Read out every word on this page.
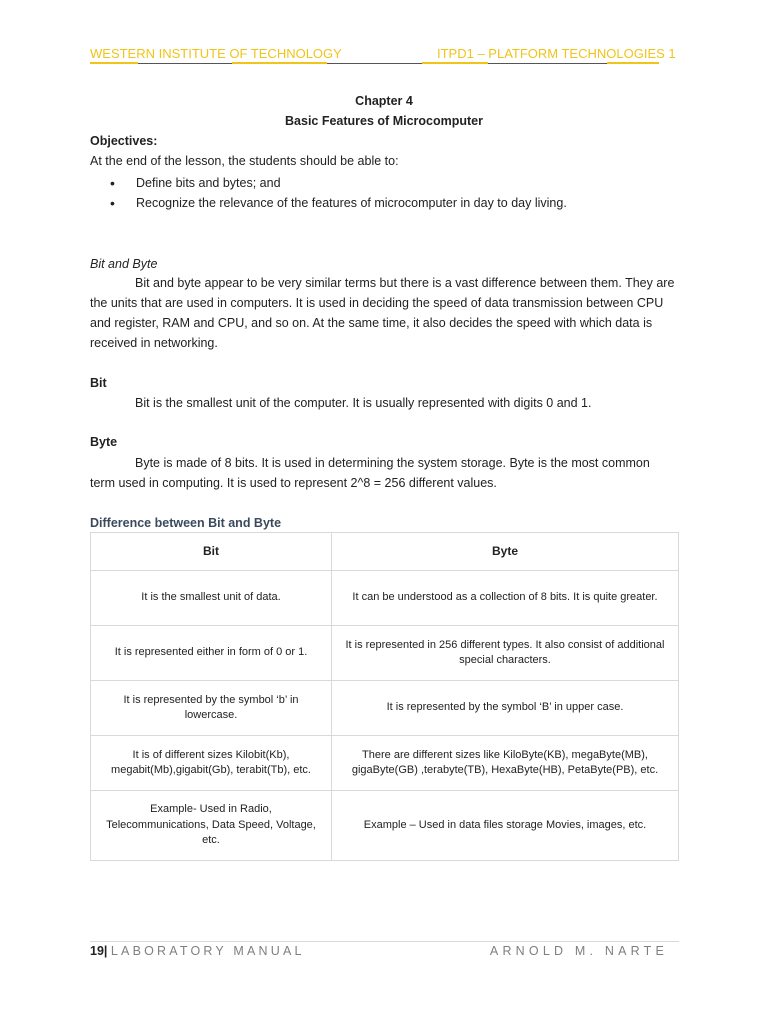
WESTERN INSTITUTE OF TECHNOLOGY	ITPD1 – PLATFORM TECHNOLOGIES 1
Chapter 4
Basic Features of Microcomputer
Objectives:
At the end of the lesson, the students should be able to:
• Define bits and bytes; and
• Recognize the relevance of the features of microcomputer in day to day living.
Bit and Byte
Bit and byte appear to be very similar terms but there is a vast difference between them. They are the units that are used in computers. It is used in deciding the speed of data transmission between CPU and register, RAM and CPU, and so on. At the same time, it also decides the speed with which data is received in networking.
Bit
Bit is the smallest unit of the computer. It is usually represented with digits 0 and 1.
Byte
Byte is made of 8 bits. It is used in determining the system storage. Byte is the most common term used in computing. It is used to represent 2^8 = 256 different values.
Difference between Bit and Byte
Bit	Byte
It is the smallest unit of data.	It can be understood as a collection of 8 bits. It is quite greater.
It is represented either in form of 0 or 1.	It is represented in 256 different types. It also consist of additional special characters.
It is represented by the symbol ‘b’ in lowercase.	It is represented by the symbol ‘B’ in upper case.
It is of different sizes Kilobit(Kb), megabit(Mb),gigabit(Gb), terabit(Tb), etc.	There are different sizes like KiloByte(KB), megaByte(MB), gigaByte(GB) ,terabyte(TB), HexaByte(HB), PetaByte(PB), etc.
Example- Used in Radio, Telecommunications, Data Speed, Voltage, etc.	Example – Used in data files storage Movies, images, etc.
19| LABORATORY MANUAL	ARNOLD M. NARTE
